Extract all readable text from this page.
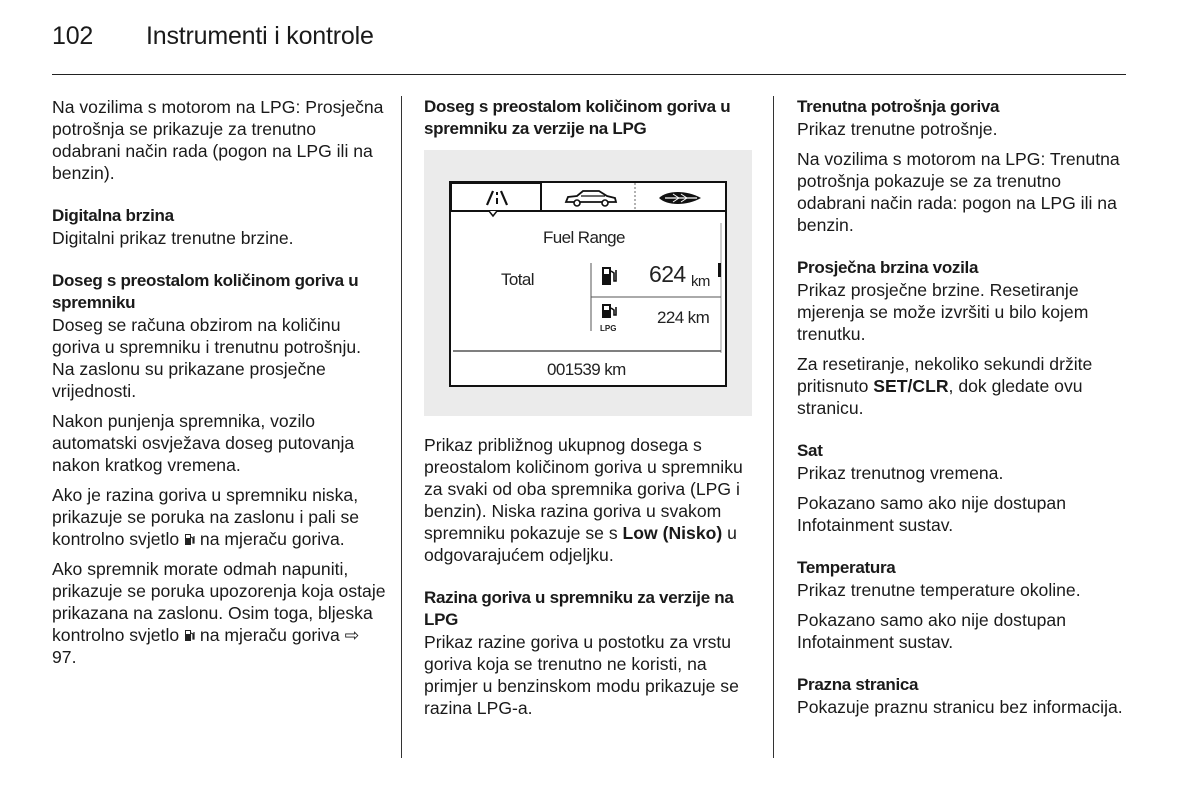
102 Instrumenti i kontrole

Na vozilima s motorom na LPG: Prosječna potrošnja se prikazuje za trenutno odabrani način rada (pogon na LPG ili na benzin).

Digitalna brzina

Digitalni prikaz trenutne brzine.

Doseg s preostalom količinom goriva u spremniku

Doseg se računa obzirom na količinu goriva u spremniku i trenutnu potrošnju. Na zaslonu su prikazane prosječne vrijednosti.

Nakon punjenja spremnika, vozilo automatski osvježava doseg putovanja nakon kratkog vremena.

Ako je razina goriva u spremniku niska, prikazuje se poruka na zaslonu i pali se kontrolno svjetlo  na mjeraču goriva.

Ako spremnik morate odmah napuniti, prikazuje se poruka upozorenja koja ostaje prikazana na zaslonu. Osim toga, bljeska kontrolno svjetlo  na mjeraču goriva ⇨ 97.

Doseg s preostalom količinom goriva u spremniku za verzije na LPG
Fuel Range
Total	624 km
LPG
224 km
001539 km

Prikaz približnog ukupnog dosega s preostalom količinom goriva u spremniku za svaki od oba spremnika goriva (LPG i benzin). Niska razina goriva u svakom spremniku pokazuje se s Low (Nisko) u odgovarajućem odjeljku.

Razina goriva u spremniku za verzije na LPG

Prikaz razine goriva u postotku za vrstu goriva koja se trenutno ne koristi, na primjer u benzinskom modu prikazuje se razina LPG-a.

Trenutna potrošnja goriva

Prikaz trenutne potrošnje.

Na vozilima s motorom na LPG: Trenutna potrošnja pokazuje se za trenutno odabrani način rada: pogon na LPG ili na benzin.

Prosječna brzina vozila

Prikaz prosječne brzine. Resetiranje mjerenja se može izvršiti u bilo kojem trenutku.

Za resetiranje, nekoliko sekundi držite pritisnuto SET/CLR, dok gledate ovu stranicu.

Sat

Prikaz trenutnog vremena.

Pokazano samo ako nije dostupan Infotainment sustav.

Temperatura

Prikaz trenutne temperature okoline.

Pokazano samo ako nije dostupan Infotainment sustav.

Prazna stranica

Pokazuje praznu stranicu bez informacija.
